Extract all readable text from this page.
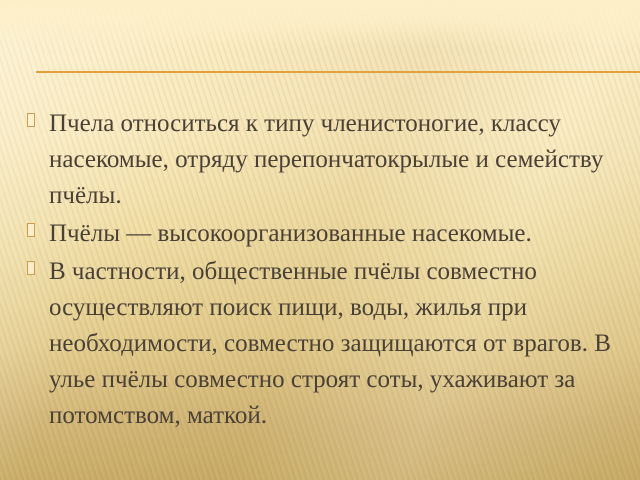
Пчела относиться к типу членистоногие, классу насекомые, отряду перепончатокрылые и семейству пчёлы.
Пчёлы — высокоорганизованные насекомые.
В частности, общественные пчёлы совместно осуществляют поиск пищи, воды, жилья при необходимости, совместно защищаются от врагов. В улье пчёлы совместно строят соты, ухаживают за потомством, маткой.
